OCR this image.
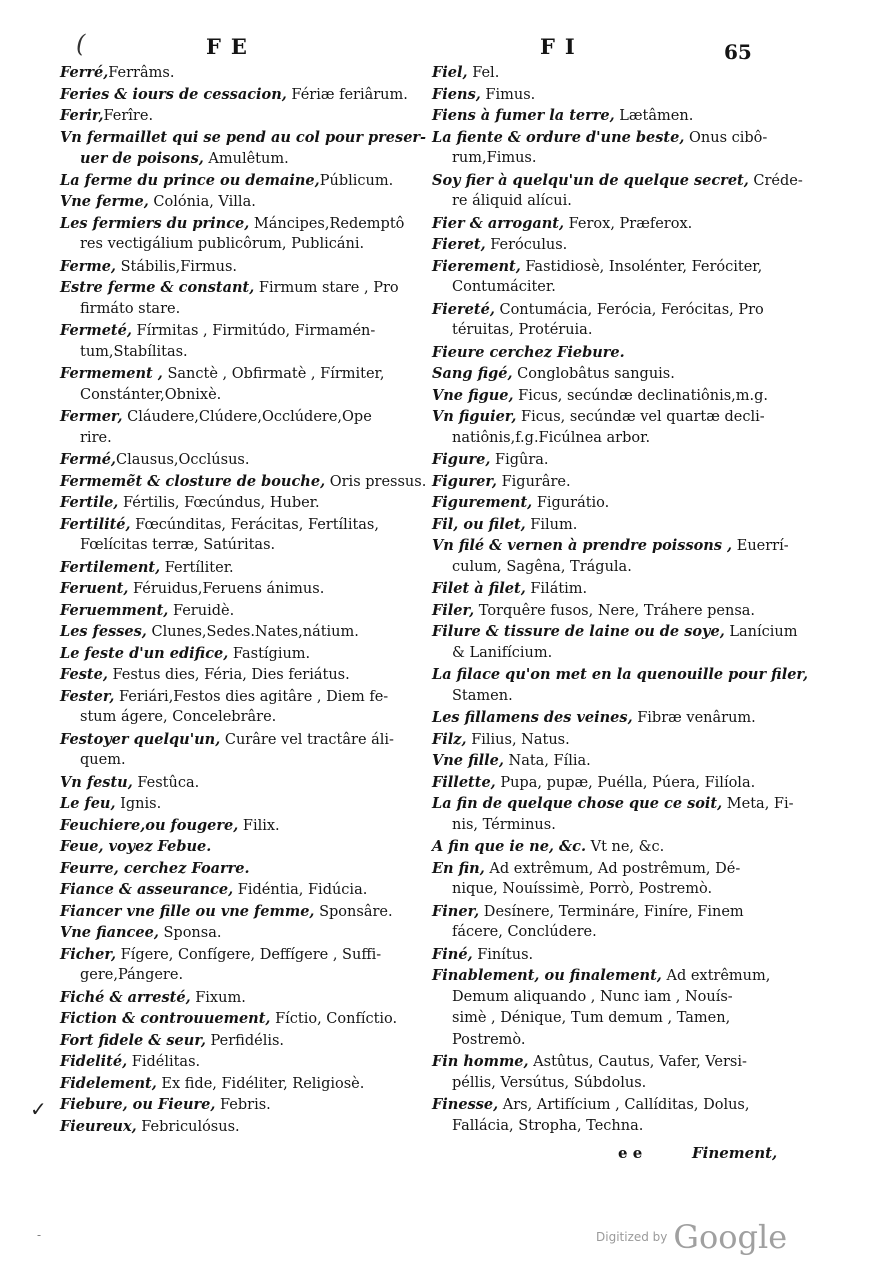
(	FE	FI	65
Ferré,Ferrâms.
Feries & iours de cessacion, Fériæ feriârum.
Ferir,Ferîre.
Vn fermaillet qui se pend au col pour preser-
uer de poisons, Amulêtum.
La ferme du prince ou demaine,Públicum.
Vne ferme, Colónia, Villa.
Les fermiers du prince, Máncipes,Redemptô
res vectigálium publicôrum, Publicáni.
Ferme, Stábilis,Firmus.
Estre ferme & constant, Firmum stare , Pro
firmáto stare.
Fermeté, Fírmitas , Firmitúdo, Firmamén-
tum,Stabílitas.
Fermement , Sanctè , Obfirmatè , Fírmiter,
Constánter,Obnixè.
Fermer, Cláudere,Clúdere,Occlúdere,Ope
rire.
Fermé,Clausus,Occlúsus.
Fermemẽt & closture de bouche, Oris pressus.
Fertile, Fértilis, Fœcúndus, Huber.
Fertilité, Fœcúnditas, Ferácitas, Fertílitas,
Fœlícitas terræ, Satúritas.
Fertilement, Fertíliter.
Feruent, Féruidus,Feruens ánimus.
Feruemment, Feruidè.
Les fesses, Clunes,Sedes.Nates,nátium.
Le feste d'un edifice, Fastígium.
Feste, Festus dies, Féria, Dies feriátus.
Fester, Feriári,Festos dies agitâre , Diem fe-
stum ágere, Concelebrâre.
Festoyer quelqu'un, Curâre vel tractâre áli-
quem.
Vn festu, Festûca.
Le feu, Ignis.
Feuchiere,ou fougere, Filix.
Feue, voyez Febue.
Feurre, cerchez Foarre.
Fiance & asseurance, Fidéntia, Fidúcia.
Fiancer vne fille ou vne femme, Sponsâre.
Vne fiancee, Sponsa.
Ficher, Fígere, Confígere, Deffígere , Suffi-
gere,Pángere.
Fiché & arresté, Fixum.
Fiction & controuuement, Fíctio, Confíctio.
Fort fidele & seur, Perfidélis.
Fidelité, Fidélitas.
Fidelement, Ex fide, Fidéliter, Religiosè.
Fiebure, ou Fieure, Febris.
Fieureux, Febriculósus.
Fiel, Fel.
Fiens, Fimus.
Fiens à fumer la terre, Lætâmen.
La fiente & ordure d'une beste, Onus cibô-
rum,Fimus.
Soy fier à quelqu'un de quelque secret, Créde-
re áliquid alícui.
Fier & arrogant, Ferox, Præferox.
Fieret, Feróculus.
Fierement, Fastidiosè, Insolénter, Feróciter,
Contumáciter.
Fiereté, Contumácia, Ferócia, Ferócitas, Pro
téruitas, Protéruia.
Fieure cerchez Fiebure.
Sang figé, Conglobâtus sanguis.
Vne figue, Ficus, secúndæ declinatiônis,m.g.
Vn figuier, Ficus, secúndæ vel quartæ decli-
natiônis,f.g.Ficúlnea arbor.
Figure, Figûra.
Figurer, Figurâre.
Figurement, Figurátio.
Fil, ou filet, Filum.
Vn filé & vernen à prendre poissons , Euerrí-
culum, Sagêna, Trágula.
Filet à filet, Filátim.
Filer, Torquêre fusos, Nere, Tráhere pensa.
Filure & tissure de laine ou de soye, Lanícium
& Lanifícium.
La filace qu'on met en la quenouille pour filer,
Stamen.
Les fillamens des veines, Fibræ venârum.
Filz, Filius, Natus.
Vne fille, Nata, Fília.
Fillette, Pupa, pupæ, Puélla, Púera, Filíola.
La fin de quelque chose que ce soit, Meta, Fi-
nis, Términus.
A fin que ie ne, &c. Vt ne, &c.
En fin, Ad extrêmum, Ad postrêmum, Dé-
nique, Nouíssimè, Porrò, Postremò.
Finer, Desínere, Termináre, Finíre, Finem
fácere, Conclúdere.
Finé, Finítus.
Finablement, ou finalement, Ad extrêmum,
Demum aliquando , Nunc iam , Nouís-
simè , Dénique, Tum demum , Tamen,
Postremò.
Fin homme, Astûtus, Cautus, Vafer, Versi-
péllis, Versútus, Súbdolus.
Finesse, Ars, Artifícium , Callíditas, Dolus,
Fallácia, Stropha, Techna.
✓
-
e e	Finement,
Digitized by Google
